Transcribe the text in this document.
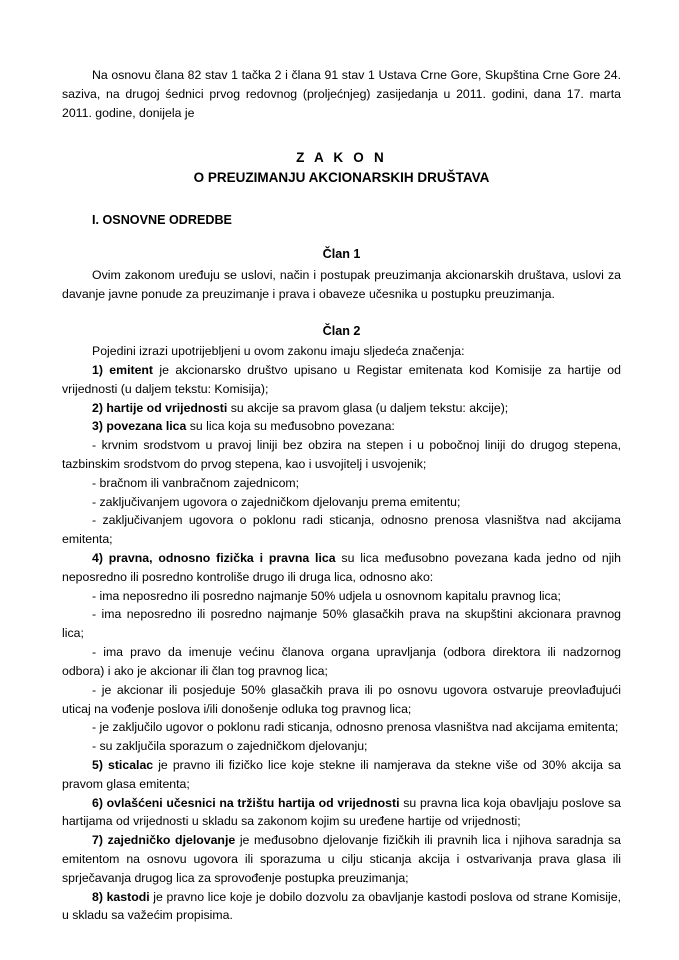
Na osnovu člana 82 stav 1 tačka 2 i člana 91 stav 1 Ustava Crne Gore, Skupština Crne Gore 24. saziva, na drugoj śednici prvog redovnog (proljećnjeg) zasijedanja u 2011. godini, dana 17. marta 2011. godine, donijela je

Z A K O N
O PREUZIMANJU AKCIONARSKIH DRUŠTAVA

I. OSNOVNE ODREDBE

Član 1

Ovim zakonom uređuju se uslovi, način i postupak preuzimanja akcionarskih društava, uslovi za davanje javne ponude za preuzimanje i prava i obaveze učesnika u postupku preuzimanja.

Član 2

Pojedini izrazi upotrijebljeni u ovom zakonu imaju sljedeća značenja:

1) emitent je akcionarsko društvo upisano u Registar emitenata kod Komisije za hartije od vrijednosti (u daljem tekstu: Komisija);

2) hartije od vrijednosti su akcije sa pravom glasa (u daljem tekstu: akcije);

3) povezana lica su lica koja su međusobno povezana:

- krvnim srodstvom u pravoj liniji bez obzira na stepen i u pobočnoj liniji do drugog stepena, tazbinskim srodstvom do prvog stepena, kao i usvojitelj i usvojenik;

- bračnom ili vanbračnom zajednicom;

- zaključivanjem ugovora o zajedničkom djelovanju prema emitentu;

- zaključivanjem ugovora o poklonu radi sticanja, odnosno prenosa vlasništva nad akcijama emitenta;

4) pravna, odnosno fizička i pravna lica su lica međusobno povezana kada jedno od njih neposredno ili posredno kontroliše drugo ili druga lica, odnosno ako:

- ima neposredno ili posredno najmanje 50% udjela u osnovnom kapitalu pravnog lica;

- ima neposredno ili posredno najmanje 50% glasačkih prava na skupštini akcionara pravnog lica;

- ima pravo da imenuje većinu članova organa upravljanja (odbora direktora ili nadzornog odbora) i ako je akcionar ili član tog pravnog lica;

- je akcionar ili posjeduje 50% glasačkih prava ili po osnovu ugovora ostvaruje preovlađujući uticaj na vođenje poslova i/ili donošenje odluka tog pravnog lica;

- je zaključilo ugovor o poklonu radi sticanja, odnosno prenosa vlasništva nad akcijama emitenta;

- su zaključila sporazum o zajedničkom djelovanju;

5) sticalac je pravno ili fizičko lice koje stekne ili namjerava da stekne više od 30% akcija sa pravom glasa emitenta;

6) ovlašćeni učesnici na tržištu hartija od vrijednosti su pravna lica koja obavljaju poslove sa hartijama od vrijednosti u skladu sa zakonom kojim su uređene hartije od vrijednosti;

7) zajedničko djelovanje je međusobno djelovanje fizičkih ili pravnih lica i njihova saradnja sa emitentom na osnovu ugovora ili sporazuma u cilju sticanja akcija i ostvarivanja prava glasa ili sprječavanja drugog lica za sprovođenje postupka preuzimanja;

8) kastodi je pravno lice koje je dobilo dozvolu za obavljanje kastodi poslova od strane Komisije, u skladu sa važećim propisima.
